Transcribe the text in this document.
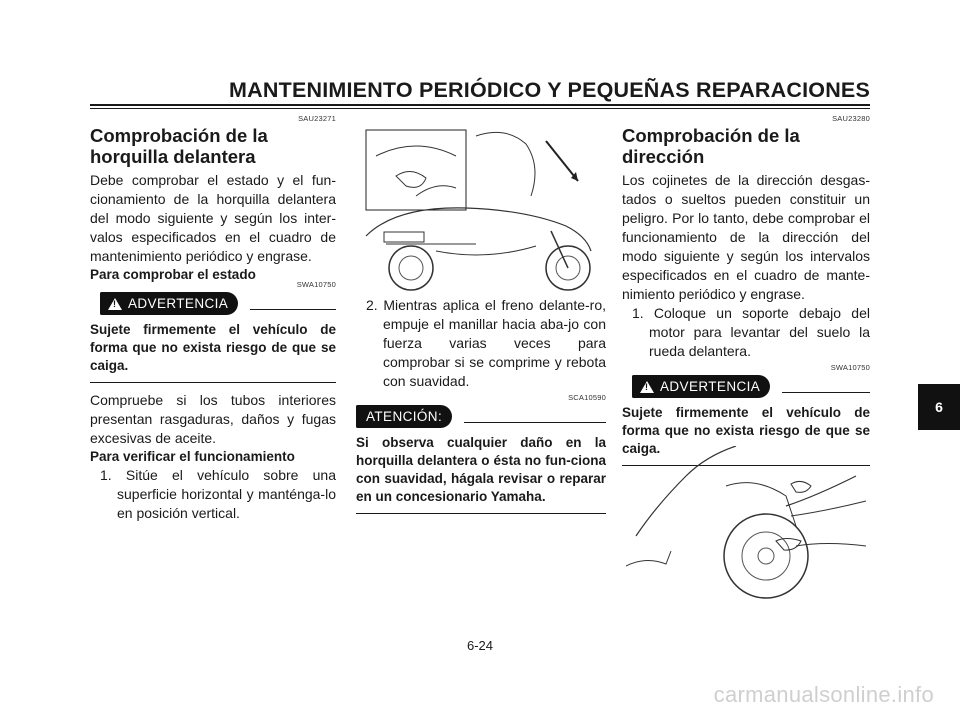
MANTENIMIENTO PERIÓDICO Y PEQUEÑAS REPARACIONES
SAU23271
Comprobación de la horquilla delantera

Debe comprobar el estado y el fun-cionamiento de la horquilla delantera del modo siguiente y según los inter-valos especificados en el cuadro de mantenimiento periódico y engrase.

Para comprobar el estado
SWA10750
!
ADVERTENCIA

Sujete firmemente el vehículo de forma que no exista riesgo de que se caiga.

Compruebe si los tubos interiores presentan rasgaduras, daños y fugas excesivas de aceite.

Para verificar el funcionamiento

1. Sitúe el vehículo sobre una superficie horizontal y manténga-lo en posición vertical.

2. Mientras aplica el freno delante-ro, empuje el manillar hacia aba-jo con fuerza varias veces para comprobar si se comprime y rebota con suavidad.

SCA10590
ATENCIÓN:

Si observa cualquier daño en la horquilla delantera o ésta no fun-ciona con suavidad, hágala revisar o reparar en un concesionario Yamaha.

SAU23280
Comprobación de la dirección

Los cojinetes de la dirección desgas-tados o sueltos pueden constituir un peligro. Por lo tanto, debe comprobar el funcionamiento de la dirección del modo siguiente y según los intervalos especificados en el cuadro de mante-nimiento periódico y engrase.

1. Coloque un soporte debajo del motor para levantar del suelo la rueda delantera.

SWA10750
!
ADVERTENCIA

Sujete firmemente el vehículo de forma que no exista riesgo de que se caiga.

6
6-24
carmanualsonline.info
